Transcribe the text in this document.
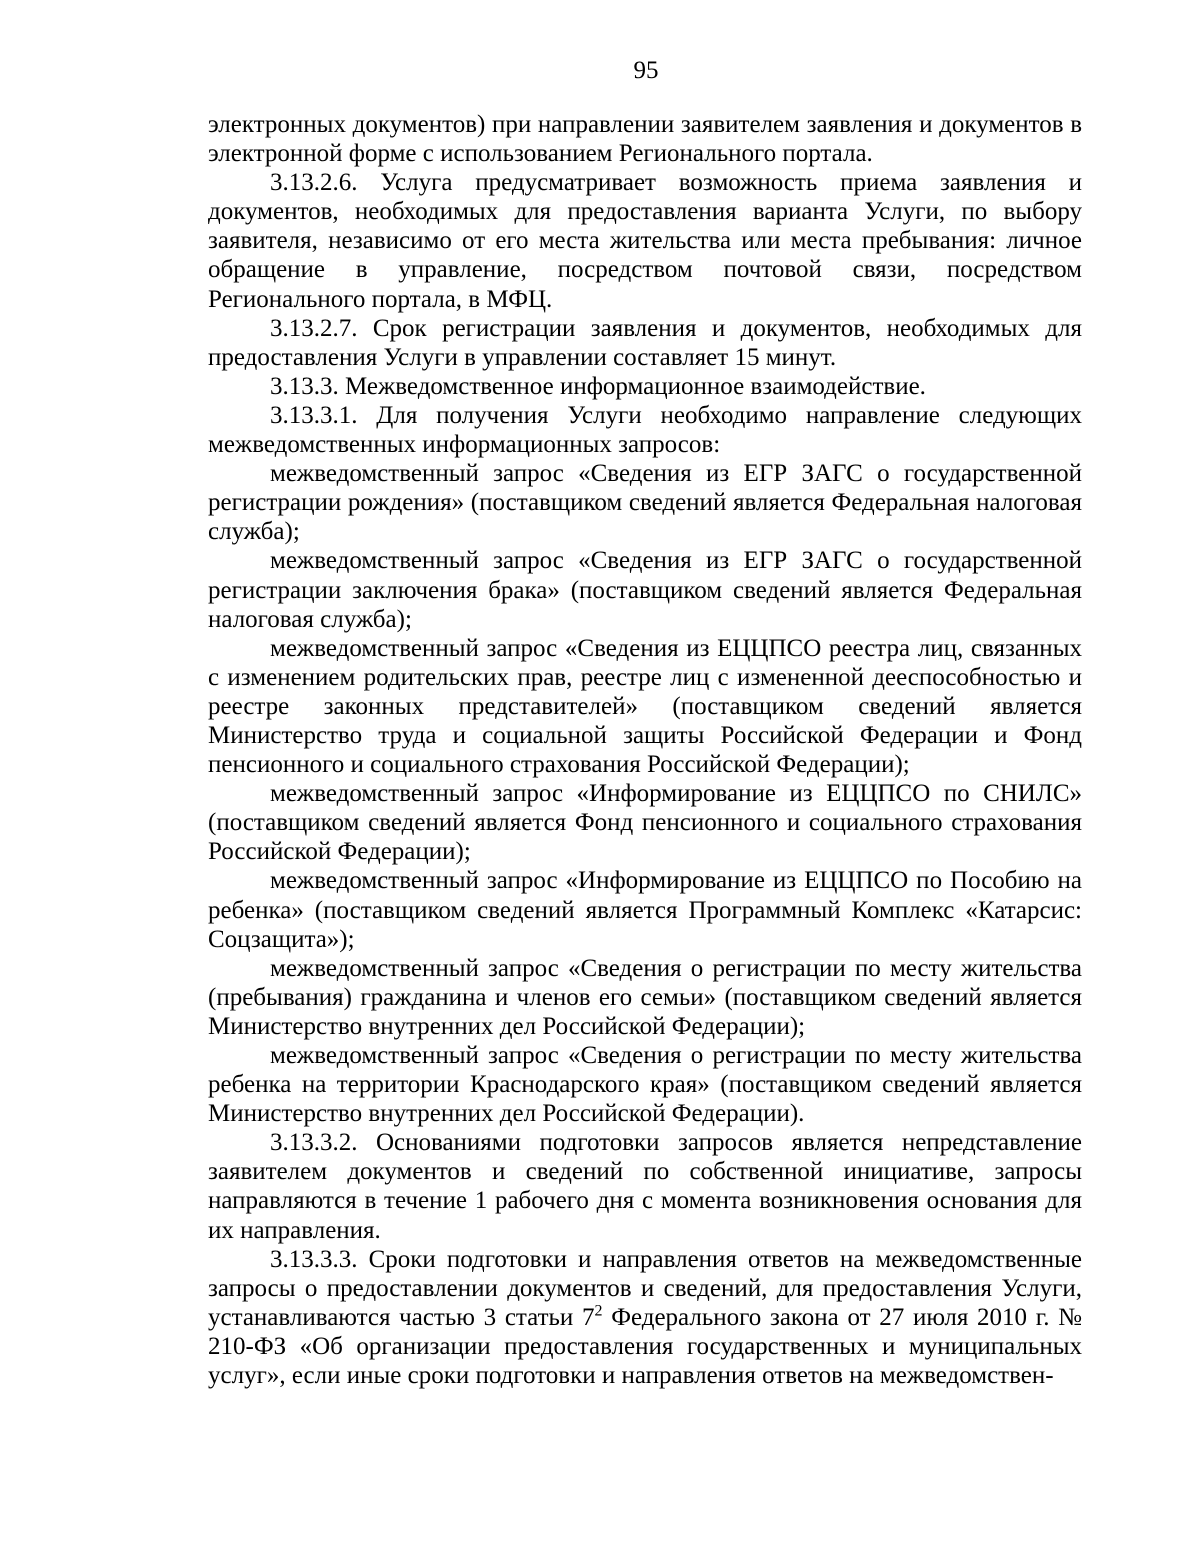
95

электронных документов) при направлении заявителем заявления и документов в электронной форме с использованием Регионального портала.

3.13.2.6. Услуга предусматривает возможность приема заявления и документов, необходимых для предоставления варианта Услуги, по выбору заявителя, независимо от его места жительства или места пребывания: личное обращение в управление, посредством почтовой связи, посредством Регионального портала, в МФЦ.

3.13.2.7. Срок регистрации заявления и документов, необходимых для предоставления Услуги в управлении составляет 15 минут.

3.13.3. Межведомственное информационное взаимодействие.

3.13.3.1. Для получения Услуги необходимо направление следующих межведомственных информационных запросов:

межведомственный запрос «Сведения из ЕГР ЗАГС о государственной регистрации рождения» (поставщиком сведений является Федеральная налоговая служба);

межведомственный запрос «Сведения из ЕГР ЗАГС о государственной регистрации заключения брака» (поставщиком сведений является Федеральная налоговая служба);

межведомственный запрос «Сведения из ЕЦЦПСО реестра лиц, связанных с изменением родительских прав, реестре лиц с измененной дееспособностью и реестре законных представителей» (поставщиком сведений является Министерство труда и социальной защиты Российской Федерации и Фонд пенсионного и социального страхования Российской Федерации);

межведомственный запрос «Информирование из ЕЦЦПСО по СНИЛС» (поставщиком сведений является Фонд пенсионного и социального страхования Российской Федерации);

межведомственный запрос «Информирование из ЕЦЦПСО по Пособию на ребенка» (поставщиком сведений является Программный Комплекс «Катарсис: Соцзащита»);

межведомственный запрос «Сведения о регистрации по месту жительства (пребывания) гражданина и членов его семьи» (поставщиком сведений является Министерство внутренних дел Российской Федерации);

межведомственный запрос «Сведения о регистрации по месту жительства ребенка на территории Краснодарского края» (поставщиком сведений является Министерство внутренних дел Российской Федерации).

3.13.3.2. Основаниями подготовки запросов является непредставление заявителем документов и сведений по собственной инициативе, запросы направляются в течение 1 рабочего дня с момента возникновения основания для их направления.

3.13.3.3. Сроки подготовки и направления ответов на межведомственные запросы о предоставлении документов и сведений, для предоставления Услуги, устанавливаются частью 3 статьи $7^2$ Федерального закона от 27 июля 2010 г. № 210-ФЗ «Об организации предоставления государственных и муниципальных услуг», если иные сроки подготовки и направления ответов на межведомствен-
